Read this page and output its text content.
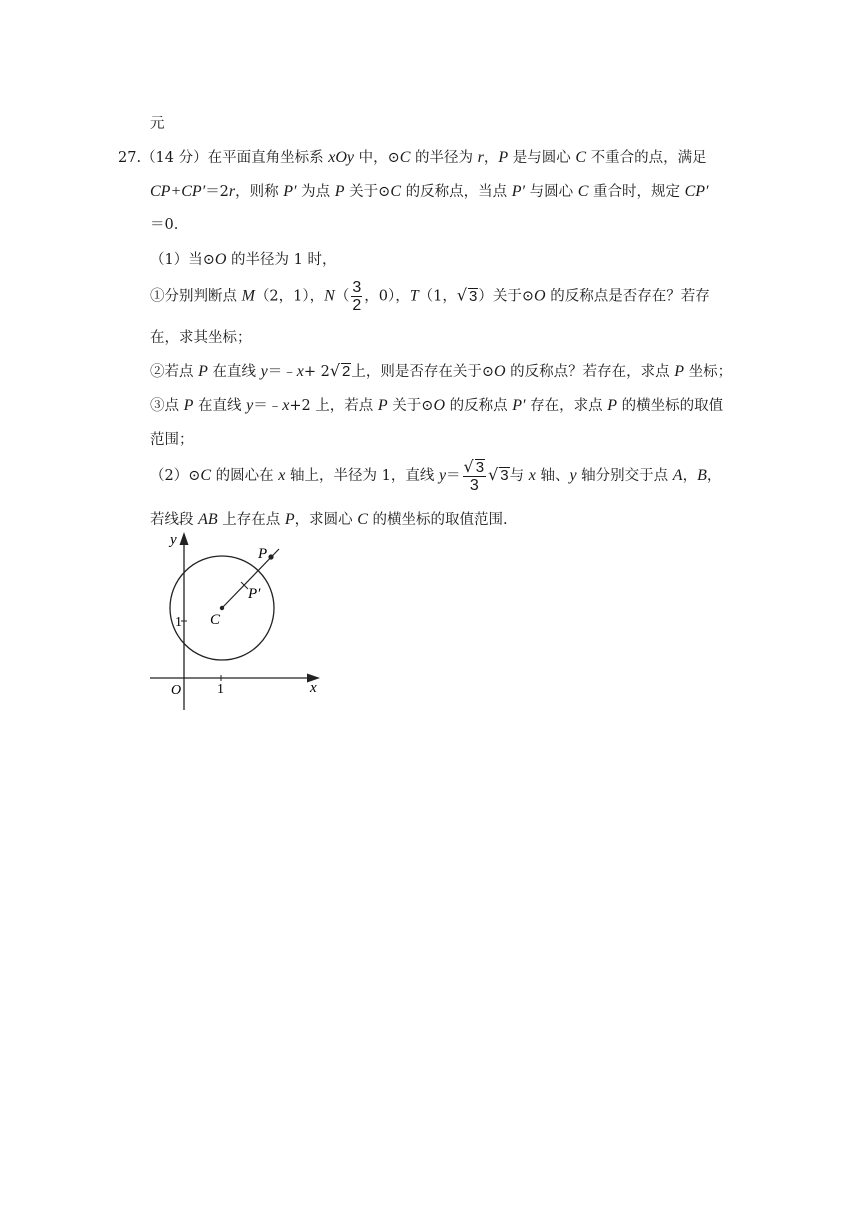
元
27.（14 分）在平面直角坐标系 xOy 中，⊙C 的半径为 r，P 是与圆心 C 不重合的点，满足
CP+CP′＝2r，则称 P′ 为点 P 关于⊙C 的反称点，当点 P′ 与圆心 C 重合时，规定 CP′
＝0.
（1）当⊙O 的半径为 1 时，
①分别判断点 M（2，1），$N( \frac{3}{2}$ ，0），T（1，√ 3）关于⊙O 的反称点是否存在？若存
在，求其坐标；
②若点 P 在直线 y＝﹣x+ 2√ 2上，则是否存在关于⊙O 的反称点？若存在，求点 P 坐标；
③点 P 在直线 y＝﹣x+2 上，若点 P 关于⊙O 的反称点 P′ 存在，求点 P 的横坐标的取值
范围；
（2）⊙C 的圆心在 x 轴上，半径为 1，直线 $y= \frac{√ 3}{3}$ √ 3与 x 轴、y 轴分别交于点 A，B，
若线段 AB 上存在点 P，求圆心 C 的横坐标的取值范围.
y
x
O	1
1
P
P′
C
